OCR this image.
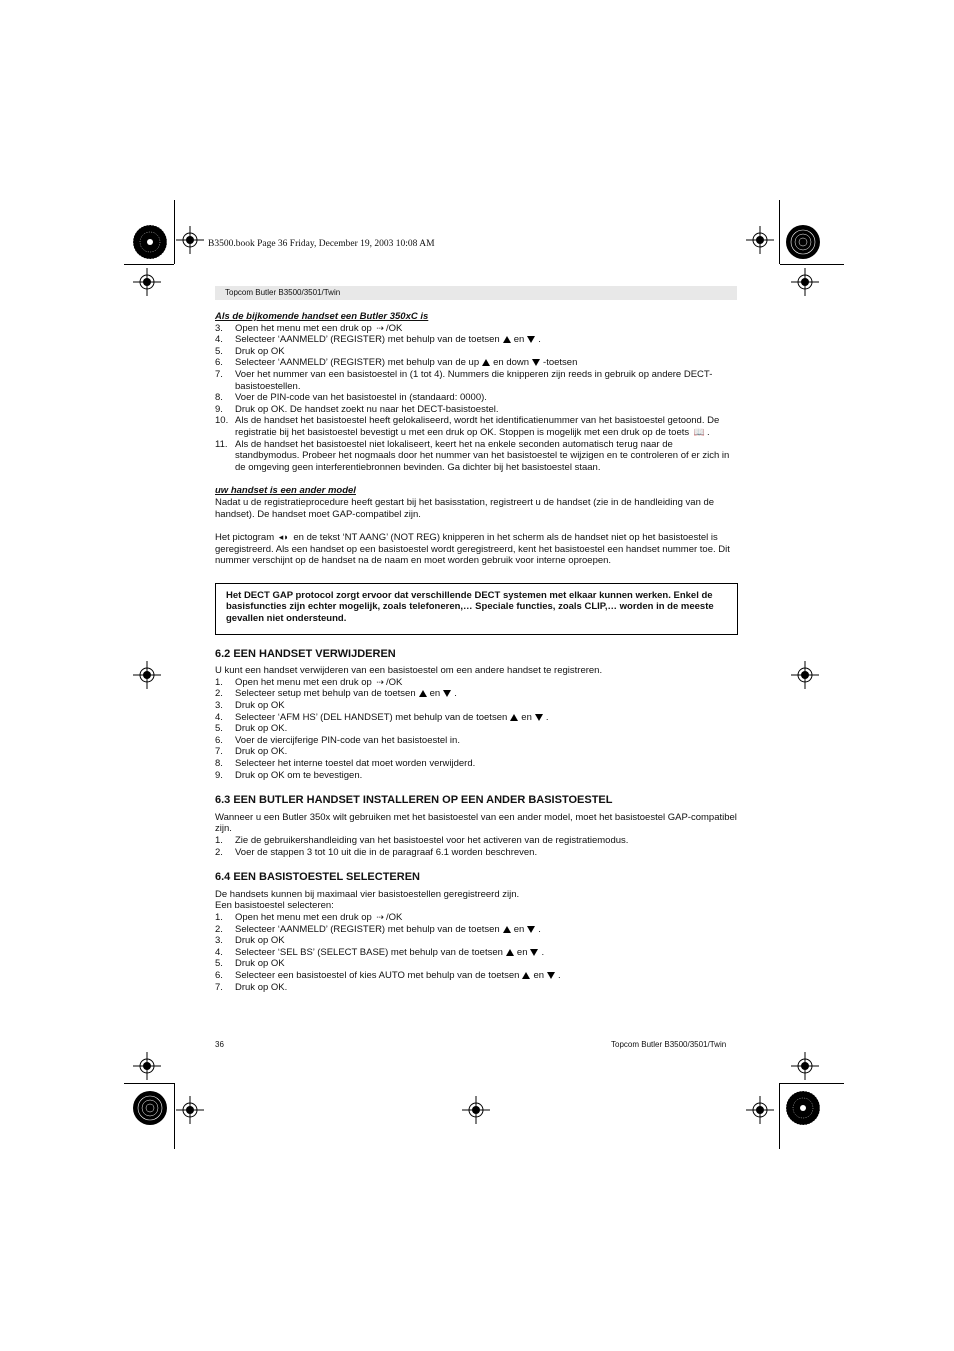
B3500.book Page 36 Friday, December 19, 2003 10:08 AM
Topcom Butler B3500/3501/Twin

Als de bijkomende handset een Butler 350xC is

3.	Open het menu met een druk op ⇢ /OK
4.	Selecteer ‘AANMELD’ (REGISTER) met behulp van de toetsen en .
5.	Druk op OK
6.	Selecteer ‘AANMELD’ (REGISTER) met behulp van de up en down -toetsen
7.	Voer het nummer van een basistoestel in (1 tot 4). Nummers die knipperen zijn reeds in gebruik op andere DECT-basistoestellen.
8.	Voer de PIN-code van het basistoestel in (standaard: 0000).
9.	Druk op OK. De handset zoekt nu naar het DECT-basistoestel.
10. Als de handset het basistoestel heeft gelokaliseerd, wordt het identificatienummer van het basistoestel getoond. De registratie bij het basistoestel bevestigt u met een druk op OK. Stoppen is mogelijk met een druk op de toets 📖 .
11. Als de handset het basistoestel niet lokaliseert, keert het na enkele seconden automatisch terug naar de standbymodus. Probeer het nogmaals door het nummer van het basistoestel te wijzigen en te controleren of er zich in de omgeving geen interferentiebronnen bevinden. Ga dichter bij het basistoestel staan.

uw handset is een ander model

Nadat u de registratieprocedure heeft gestart bij het basisstation, registreert u de handset (zie in de handleiding van de handset). De handset moet GAP-compatibel zijn.

Het pictogram ◂◗ en de tekst ‘NT AANG’ (NOT REG) knipperen in het scherm als de handset niet op het basistoestel is geregistreerd. Als een handset op een basistoestel wordt geregistreerd, kent het basistoestel een handset nummer toe. Dit nummer verschijnt op de handset na de naam en moet worden gebruik voor interne oproepen.

Het DECT GAP protocol zorgt ervoor dat verschillende DECT systemen met elkaar kunnen werken. Enkel de basisfuncties zijn echter mogelijk, zoals telefoneren,… Speciale functies, zoals CLIP,… worden in de meeste gevallen niet ondersteund.
6.2 EEN HANDSET VERWIJDEREN

U kunt een handset verwijderen van een basistoestel om een andere handset te registreren.

1.	Open het menu met een druk op ⇢ /OK
2.	Selecteer setup met behulp van de toetsen en .
3.	Druk op OK
4.	Selecteer ‘AFM HS’ (DEL HANDSET) met behulp van de toetsen en .
5.	Druk op OK.
6.	Voer de viercijferige PIN-code van het basistoestel in.
7.	Druk op OK.
8.	Selecteer het interne toestel dat moet worden verwijderd.
9.	Druk op OK om te bevestigen.
6.3 EEN BUTLER HANDSET INSTALLEREN OP EEN ANDER BASISTOESTEL

Wanneer u een Butler 350x wilt gebruiken met het basistoestel van een ander model, moet het basistoestel GAP-compatibel zijn.

1.	Zie de gebruikershandleiding van het basistoestel voor het activeren van de registratiemodus.
2.	Voer de stappen 3 tot 10 uit die in de paragraaf 6.1 worden beschreven.
6.4 EEN BASISTOESTEL SELECTEREN

De handsets kunnen bij maximaal vier basistoestellen geregistreerd zijn.

Een basistoestel selecteren:

1.	Open het menu met een druk op ⇢ /OK
2.	Selecteer ‘AANMELD’ (REGISTER) met behulp van de toetsen en .
3.	Druk op OK
4.	Selecteer ‘SEL BS’ (SELECT BASE) met behulp van de toetsen en .
5.	Druk op OK
6.	Selecteer een basistoestel of kies AUTO met behulp van de toetsen en .
7.	Druk op OK.
36	Topcom Butler B3500/3501/Twin
